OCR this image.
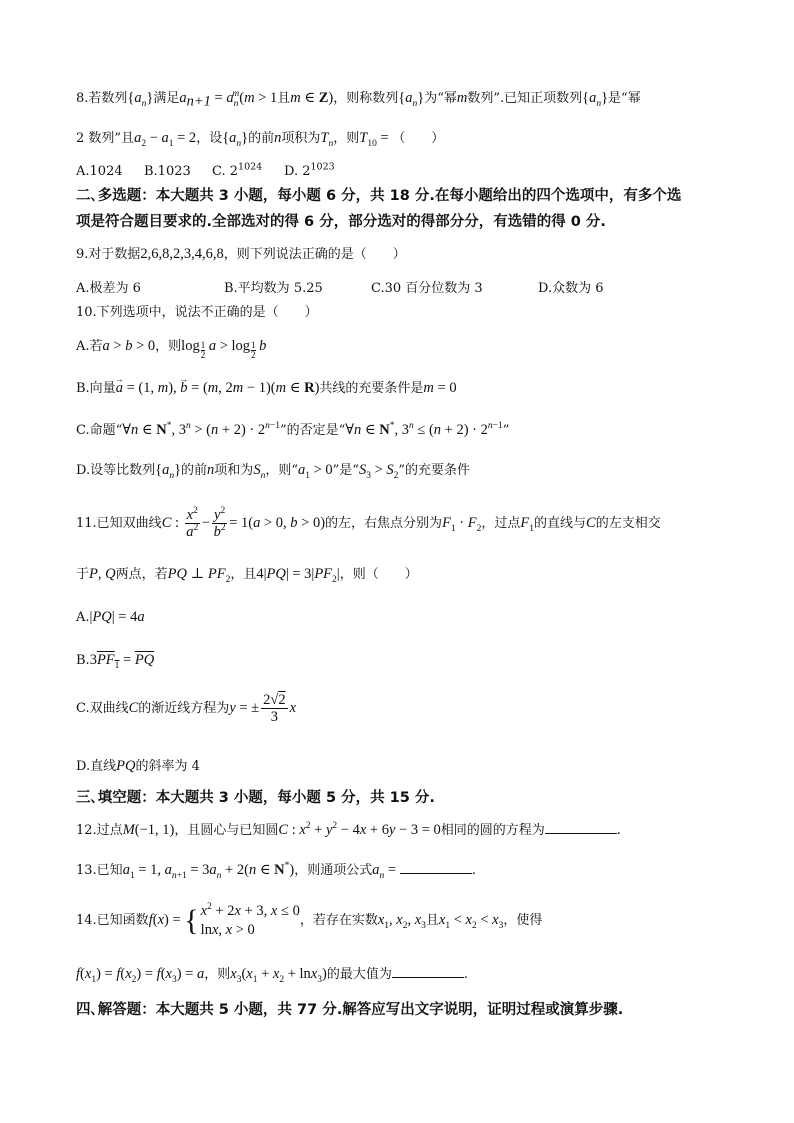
8.若数列$\{a_n\}$满足$a_{n+1} = a_n^m(m > 1$且m ∈ Z)，则称数列$\{a_n\}$为“幂m数列”.已知正项数列$\{a_n\}$是“幂
2 数列”且$a_2 - a_1 = 2$，设$\{a_n\}$的前n项积为$T_n$，则$T_{10}$ = （　　）
A.1024 B.1023 C. $2^{1024}$ D. $2^{1023}$
二､多选题：本大题共 3 小题，每小题 6 分，共 18 分.在每小题给出的四个选项中，有多个选
项是符合题目要求的.全部选对的得 6 分，部分选对的得部分分，有选错的得 0 分.
9.对于数据2,6,8,2,3,4,6,8，则下列说法正确的是（　　）
A.极差为 6	B.平均数为 5.25	C.30 百分位数为 3	D.众数为 6
10.下列选项中，说法不正确的是（　　）
A.若a > b > 0，则$\log \frac{1}{2}$ $a > \log \frac{1}{2}$ b
B.向量→ a = (1, m), → b = (m, 2m − 1)(m ∈ R)共线的充要条件是m = 0
C.命题“∀n ∈ N*, $3^n > (n + 2) \cdot 2^{n-1}$”的否定是“∀n ∈ N*, $3^n \le (n + 2) \cdot 2^{n-1}$”
D.设等比数列$\{a_n\}$的前n项和为$S_n$，则“$a_1 > 0$”是“$S_3 > S_2$”的充要条件
11.已知双曲线C : $\frac{x^2}{a^2} - \frac{y^2}{b^2} = 1(a > 0$, b > 0)的左，右焦点分别为$F_1 \cdot F_2$，过点$F_1$的直线与C的左支相交
于P, Q两点，若PQ ⊥ $PF_2$，且$4|PQ| = 3|PF_2|$，则（　　）
A.|PQ| = 4a
$B.3\overline{PF}_1 = \overline{PQ}$
C.双曲线C的渐近线方程为y = ± $\frac{2√2}{3}$ x
D.直线PQ的斜率为 4
三､填空题：本大题共 3 小题，每小题 5 分，共 15 分.
12.过点M(−1, 1)，且圆心与已知圆C : $x^2 + y^2 - 4x + 6y - 3 = 0$相同的圆的方程为	.
13.已知$a_1 = 1$, $a_{n+1} = 3a_n + 2(n$ ∈ N*)，则通项公式$a_n$ =	.
14.已知函数f(x) = { $x^2 + 2x + 3$, x ≤ 0
lnx, x > 0
，若存在实数$x_1$, $x_2$, $x_3$且$x_1 < x_2 < x_3$，使得
$f(x_1) = f(x_2) = f(x_3) = a$，则$x_3(x_1 + x_2 + \ln x_3)$的最大值为	.
四､解答题：本大题共 5 小题，共 77 分.解答应写出文字说明，证明过程或演算步骤.
